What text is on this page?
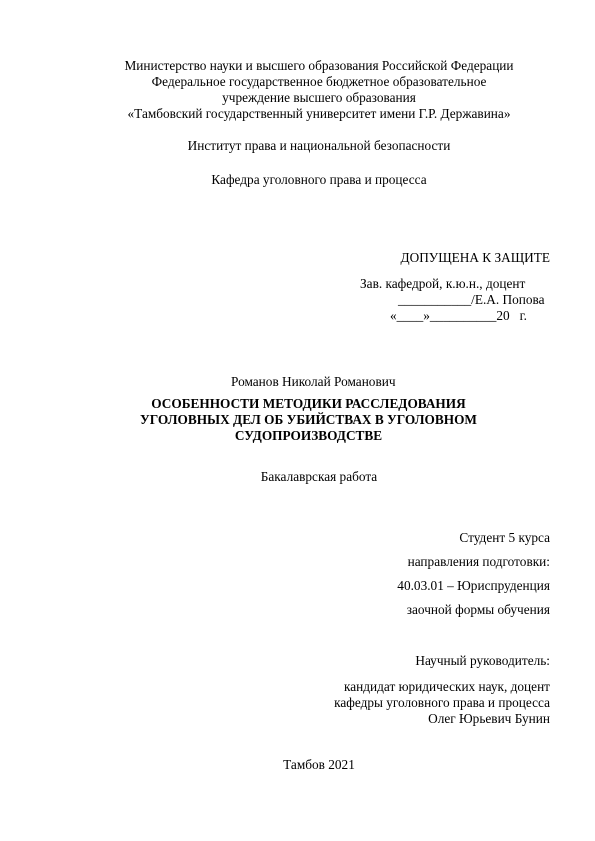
Министерство науки и высшего образования Российской Федерации
Федеральное государственное бюджетное образовательное
учреждение высшего образования
«Тамбовский государственный университет имени Г.Р. Державина»
Институт права и национальной безопасности
Кафедра уголовного права и процесса
ДОПУЩЕНА К ЗАЩИТЕ
Зав. кафедрой, к.ю.н., доцент
___________/Е.А. Попова
«____»__________20   г.
Романов Николай Романович
ОСОБЕННОСТИ МЕТОДИКИ РАССЛЕДОВАНИЯ
УГОЛОВНЫХ ДЕЛ ОБ УБИЙСТВАХ В УГОЛОВНОМ
СУДОПРОИЗВОДСТВЕ
Бакалаврская работа
Студент 5 курса
направления подготовки:
40.03.01 – Юриспруденция
заочной формы обучения
Научный руководитель:
кандидат юридических наук, доцент
кафедры уголовного права и процесса
Олег Юрьевич Бунин
Тамбов 2021
